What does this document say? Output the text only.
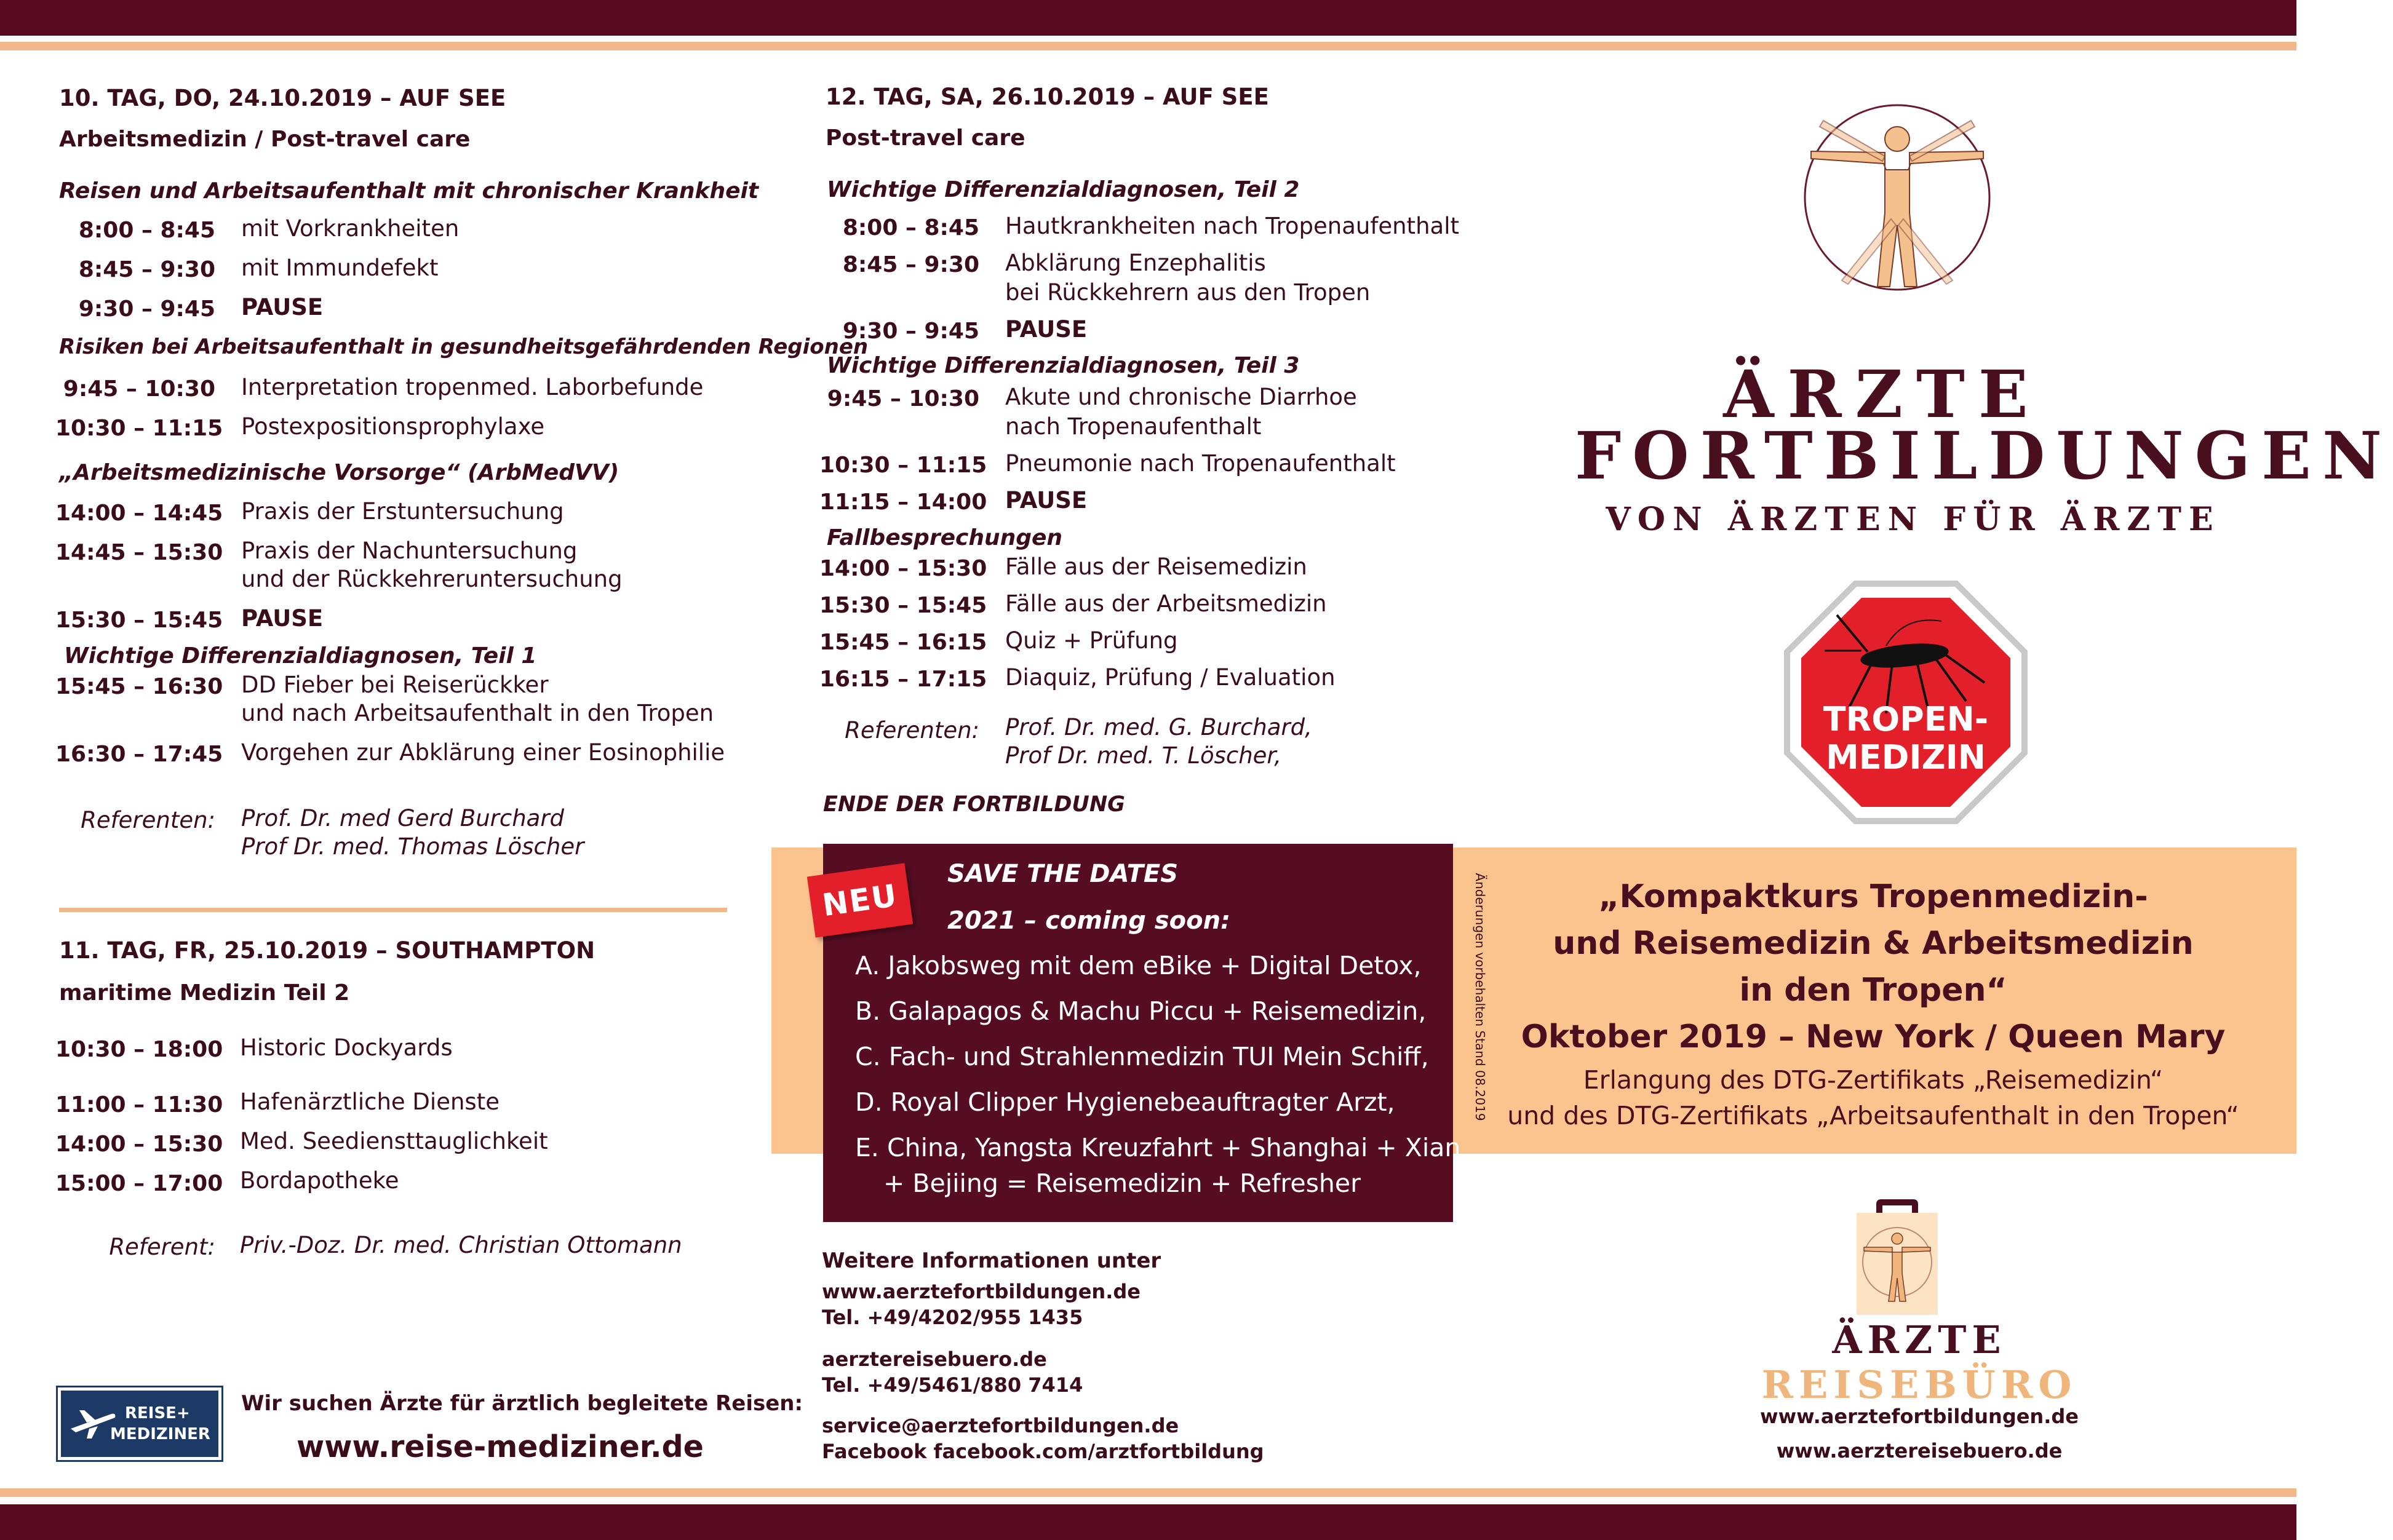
10. TAG, DO, 24.10.2019 – AUF SEE
Arbeitsmedizin / Post-travel care
Reisen und Arbeitsaufenthalt mit chronischer Krankheit
8:00 – 8:45 mit Vorkrankheiten
8:45 – 9:30 mit Immundefekt
9:30 – 9:45 PAUSE
Risiken bei Arbeitsaufenthalt in gesundheitsgefährdenden Regionen
9:45 – 10:30 Interpretation tropenmed. Laborbefunde
10:30 – 11:15 Postexpositionsprophylaxe
„Arbeitsmedizinische Vorsorge“ (ArbMedVV)
14:00 – 14:45 Praxis der Erstuntersuchung
14:45 – 15:30 Praxis der Nachuntersuchung
und der Rückkehreruntersuchung
15:30 – 15:45 PAUSE
Wichtige Differenzialdiagnosen, Teil 1
15:45 – 16:30 DD Fieber bei Reiserückker
und nach Arbeitsaufenthalt in den Tropen
16:30 – 17:45 Vorgehen zur Abklärung einer Eosinophilie
Referenten: Prof. Dr. med Gerd Burchard
Prof Dr. med. Thomas Löscher
11. TAG, FR, 25.10.2019 – SOUTHAMPTON
maritime Medizin Teil 2
10:30 – 18:00 Historic Dockyards
11:00 – 11:30 Hafenärztliche Dienste
14:00 – 15:30 Med. Seediensttauglichkeit
15:00 – 17:00 Bordapotheke
Referent: Priv.-Doz. Dr. med. Christian Ottomann
12. TAG, SA, 26.10.2019 – AUF SEE
Post-travel care
Wichtige Differenzialdiagnosen, Teil 2
8:00 – 8:45 Hautkrankheiten nach Tropenaufenthalt
8:45 – 9:30 Abklärung Enzephalitis
bei Rückkehrern aus den Tropen
9:30 – 9:45 PAUSE
Wichtige Differenzialdiagnosen, Teil 3
9:45 – 10:30 Akute und chronische Diarrhoe
nach Tropenaufenthalt
10:30 – 11:15 Pneumonie nach Tropenaufenthalt
11:15 – 14:00 PAUSE
Fallbesprechungen
14:00 – 15:30 Fälle aus der Reisemedizin
15:30 – 15:45 Fälle aus der Arbeitsmedizin
15:45 – 16:15 Quiz + Prüfung
16:15 – 17:15 Diaquiz, Prüfung / Evaluation
Referenten: Prof. Dr. med. G. Burchard,
Prof Dr. med. T. Löscher,
ENDE DER FORTBILDUNG
SAVE THE DATES
2021 – coming soon:
A. Jakobsweg mit dem eBike + Digital Detox,
B. Galapagos & Machu Piccu + Reisemedizin,
C. Fach- und Strahlenmedizin TUI Mein Schiff,
D. Royal Clipper Hygienebeauftragter Arzt,
E. China, Yangsta Kreuzfahrt + Shanghai + Xian
+ Bejiing = Reisemedizin + Refresher
NEU	Änderungen vorbehalten Stand 08.2019
Weitere Informationen unter
www.aerztefortbildungen.de
Tel. +49/4202/955 1435
aerztereisebuero.de
Tel. +49/5461/880 7414
service@aerztefortbildungen.de
Facebook facebook.com/arztfortbildung
REISE+
MEDIZINER
Wir suchen Ärzte für ärztlich begleitete Reisen:
www.reise-mediziner.de
ÄRZTE
FORTBILDUNGEN
VON ÄRZTEN FÜR ÄRZTE
TROPEN-
MEDIZIN
„Kompaktkurs Tropenmedizin-
und Reisemedizin & Arbeitsmedizin
in den Tropen“
Oktober 2019 – New York / Queen Mary
Erlangung des DTG-Zertifikats „Reisemedizin“
und des DTG-Zertifikats „Arbeitsaufenthalt in den Tropen“
ÄRZTE REISEBÜRO
www.aerztefortbildungen.de
www.aerztereisebuero.de
